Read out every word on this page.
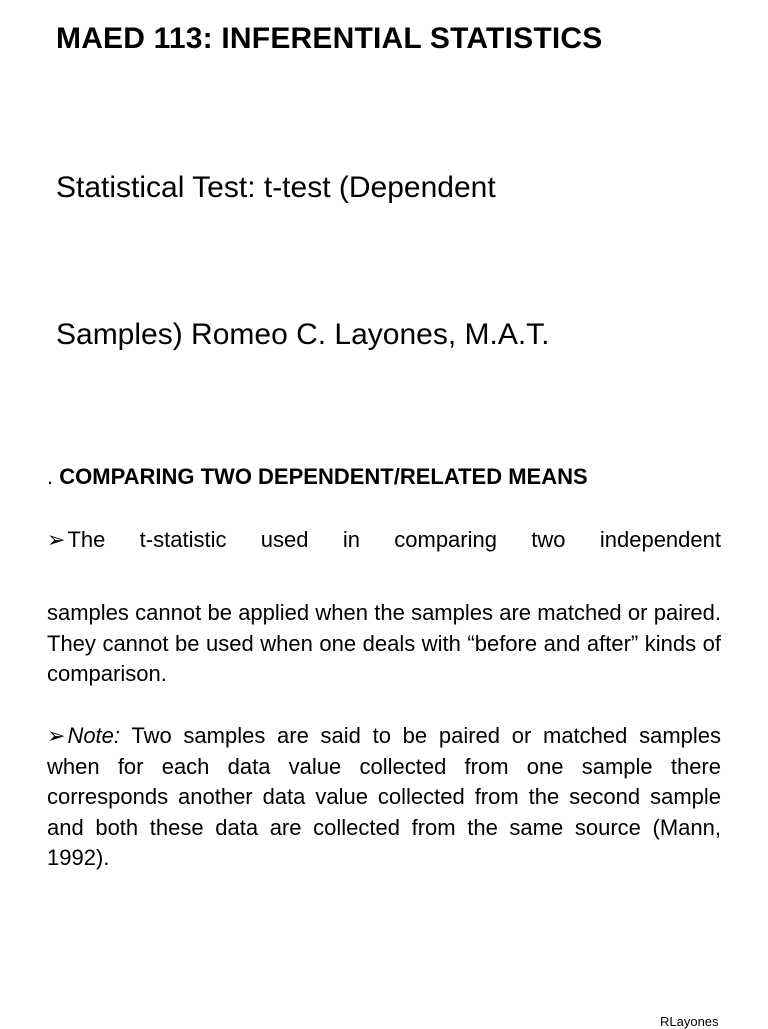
MAED 113: INFERENTIAL STATISTICS
Statistical Test: t-test (Dependent
Samples) Romeo C. Layones, M.A.T.
. COMPARING TWO DEPENDENT/RELATED MEANS
➢The t-statistic used in comparing two independent
samples cannot be applied when the samples are matched or paired. They cannot be used when one deals with “before and after” kinds of comparison.
➢Note: Two samples are said to be paired or matched samples when for each data value collected from one sample there corresponds another data value collected from the second sample and both these data are collected from the same source (Mann, 1992).
RLayones
